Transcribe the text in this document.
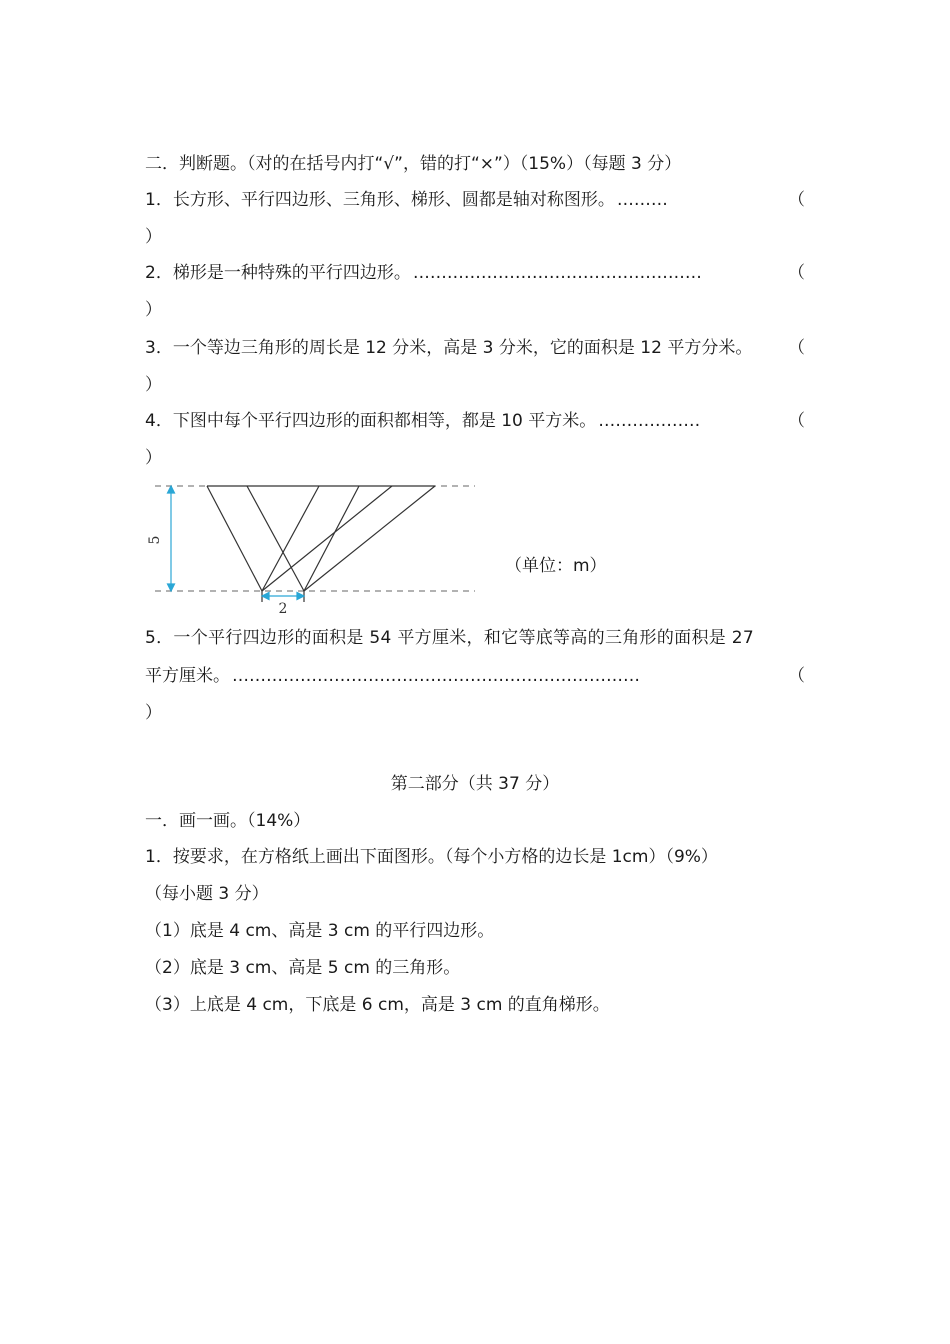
二．判断题。（对的在括号内打“√”，错的打“×”）（15%）（每题 3 分）
1．长方形、平行四边形、三角形、梯形、圆都是轴对称图形。 ………	（
）
2．梯形是一种特殊的平行四边形。 ……………………………………………	（
）
3．一个等边三角形的周长是 12 分米，高是 3 分米，它的面积是 12 平方分米。 （
）
4．下图中每个平行四边形的面积都相等，都是 10 平方米。 ………………	（
）
5
2
（单位：m）
5．一个平行四边形的面积是 54 平方厘米，和它等底等高的三角形的面积是 27
平方厘米。 ………………………………………………………………	（
）
第二部分（共 37 分）
一．画一画。（14%）
1．按要求，在方格纸上画出下面图形。（每个小方格的边长是 1cm）（9%）
（每小题 3 分）
（1）底是 4 cm、高是 3 cm 的平行四边形。
（2）底是 3 cm、高是 5 cm 的三角形。
（3）上底是 4 cm，下底是 6 cm，高是 3 cm 的直角梯形。
